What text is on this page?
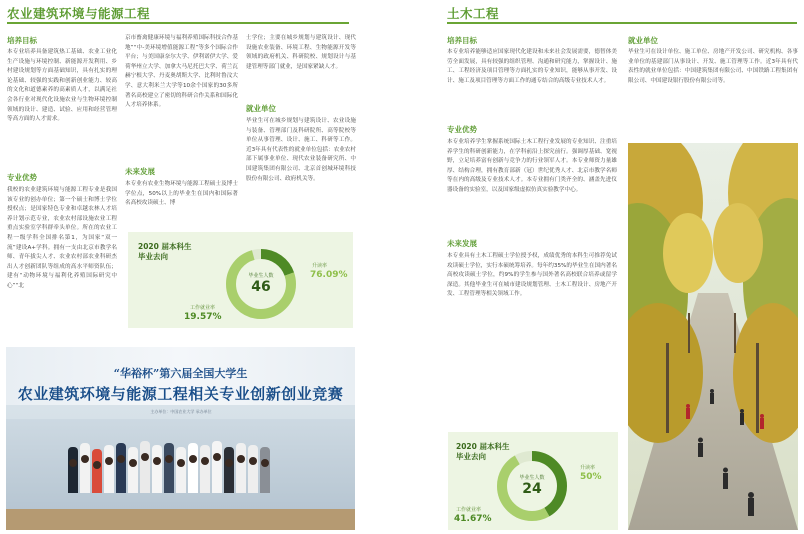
农业建筑环境与能源工程
培养目标
本专业培养具备建筑热工基础、农业工业化生产设施与环境控制、新能源开发利用、乡村建设规划等方面基础知识，具有扎实的理论基础、较强的实践和创新创业能力、较高的文化和道德素养的高素质人才，以满足社会各行业对现代化设施农业与生物环境控制领域的设计、建造、试验、应用和经营管理等高方面的人才需求。
专业优势
我校的农业建筑环境与能源工程专业是我国该专业的创办单位；第一个硕士和博士学位授权点；是国家特色专业和卓越农林人才培养计划示范专业，农业农村部设施农业工程重点实验室学科群牵头单位。所在的农业工程一级学科全国排名第1，为国家“双一流”建设A+学科。拥有一支由北京市教学名师、青年拔尖人才、农业农村部农业科研杰出人才创新团队等组成的高水平师资队伍；建有“动物环境与福利化养殖国际研究中心”“北
京市畜禽健康环境与福利养殖国际科技合作基地”“中-美环境增值能源工程”等多个国际合作平台；与美国康奈尔大学、伊利诺伊大学、爱荷华州立大学、加拿大马尼托巴大学、荷兰瓦赫宁根大学、丹麦奥胡斯大学、比利时鲁汶大学、意大利米兰大学等10余个国家的30多所著名高校建立了密切的科研合作关系和国际化人才培养体系。
未来发展
本专业有农业生物环境与能源工程硕士及博士学位点，50%以上的毕业生在国内和国际著名高校攻读硕士、博
士学位；主要在城乡规划与建筑设计、现代设施农业装备、环境工程、生物能源开发等领域的政府机关、科研院校、规划设计与基建管理等部门就业，是国家紧缺人才。
就业单位
毕业生可在城乡规划与建筑设计、农业设施与装备、管理部门及科研院所、高等院校等单位从事管理、设计、施工、科研等工作。近3年具有代表性的就业单位包括：农业农村部下属事业单位、现代农业装备研究所、中国建筑集团有限公司、北京首创城环境科技股份有限公司、政府机关等。
2020 届本科生
毕业去向
毕业生人数
46
升读率
76.09%
工作就业率
19.57%
“华裕杯”第六届全国大学生
农业建筑环境与能源工程相关专业创新创业竞赛
主办单位：中国农业大学 承办单位
土木工程
培养目标
本专业培养能够适应国家现代化建设和未来社会发展需要，德智体美劳全面发展，具有较强的组织管理、沟通和研究能力，掌握设计、施工、工程经济及项目管理等方面扎实的专业知识，能够从事开发、设计、施工及项目管理等方面工作的通专结合的高级专业技术人才。
专业优势
本专业培养学生掌握系统国际土木工程行业发展的专业知识、注重培养学生的科研创新能力，在学科前沿上探究前行。强调厚基础、宽视野，立足培养富有创新与竞争力的行业领军人才。本专业师资力量雄厚、结构合理，拥有教育部新（冠）世纪优秀人才、北京市教学名师等在内的高级及专业技术人才。本专业拥有门类齐全的、涵盖先进仪器设备的实验室，以及国家级虚拟仿真实验教学中心。
未来发展
本专业具有土木工程硕士学位授予权，成绩优秀的本科生可推荐免试攻读硕士学位，实行本硕统筹培养。每年约35%的毕业生在国内著名高校攻读硕士学位，约9%的学生参与国外著名高校联合培养或留学深造。其他毕业生可在城市建设规划管理、土木工程设计、房地产开发、工程管理等相关领域工作。
就业单位
毕业生可在设计单位、施工单位、房地产开发公司、研究机构、各事业单位的基建部门从事设计、开发、施工管理等工作。近3年具有代表性的就业单位包括：中国建筑集团有限公司、中国铁路工程集团有限公司、中国建设银行股份有限公司等。
2020 届本科生
毕业去向
毕业生人数
24
升读率
50%
工作就业率
41.67%
